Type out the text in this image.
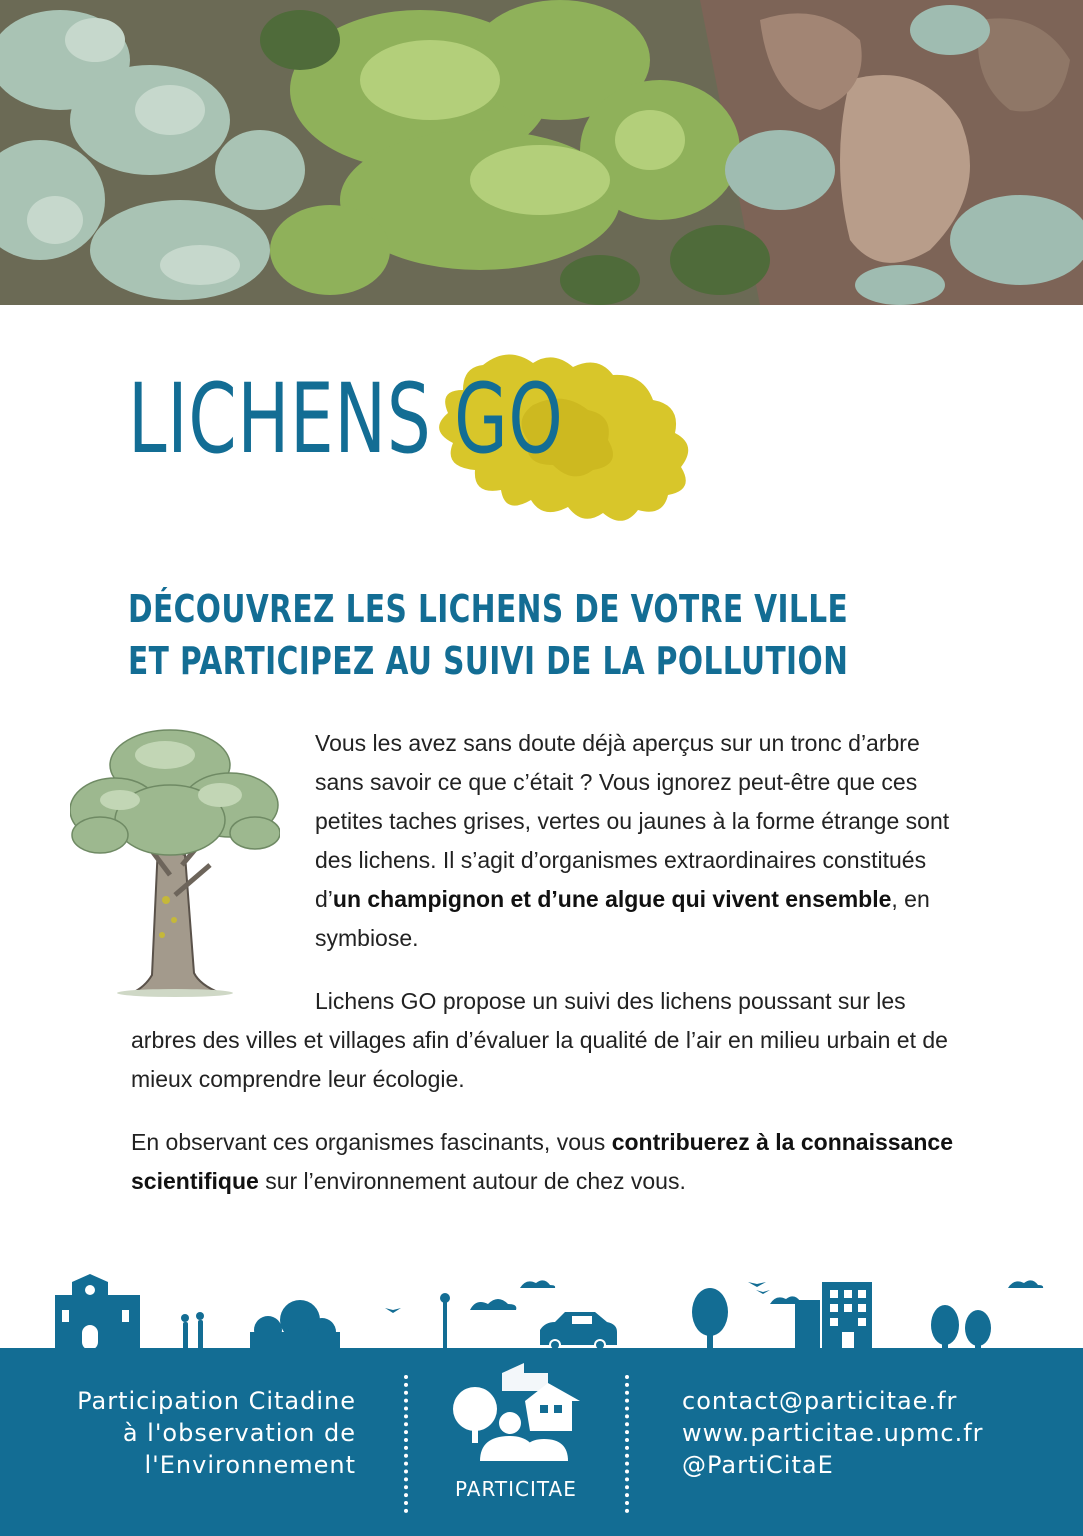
LICHENS GO
DÉCOUVREZ LES LICHENS DE VOTRE VILLE
ET PARTICIPEZ AU SUIVI DE LA POLLUTION

Vous les avez sans doute déjà aperçus sur un tronc d’arbre sans savoir ce que c’était ? Vous ignorez peut-être que ces petites taches grises, vertes ou jaunes à la forme étrange sont des lichens. Il s’agit d’organismes extraordinaires constitués d’un champignon et d’une algue qui vivent ensemble, en symbiose.

Lichens GO propose un suivi des lichens poussant sur les arbres des villes et villages afin d’évaluer la qualité de l’air en milieu urbain et de mieux comprendre leur écologie.

En observant ces organismes fascinants, vous contribuerez à la connaissance scientifique sur l’environnement autour de chez vous.

Participation Citadine
à l'observation de
l'Environnement
PARTICITAE
contact@particitae.fr
www.particitae.upmc.fr
@PartiCitaE
